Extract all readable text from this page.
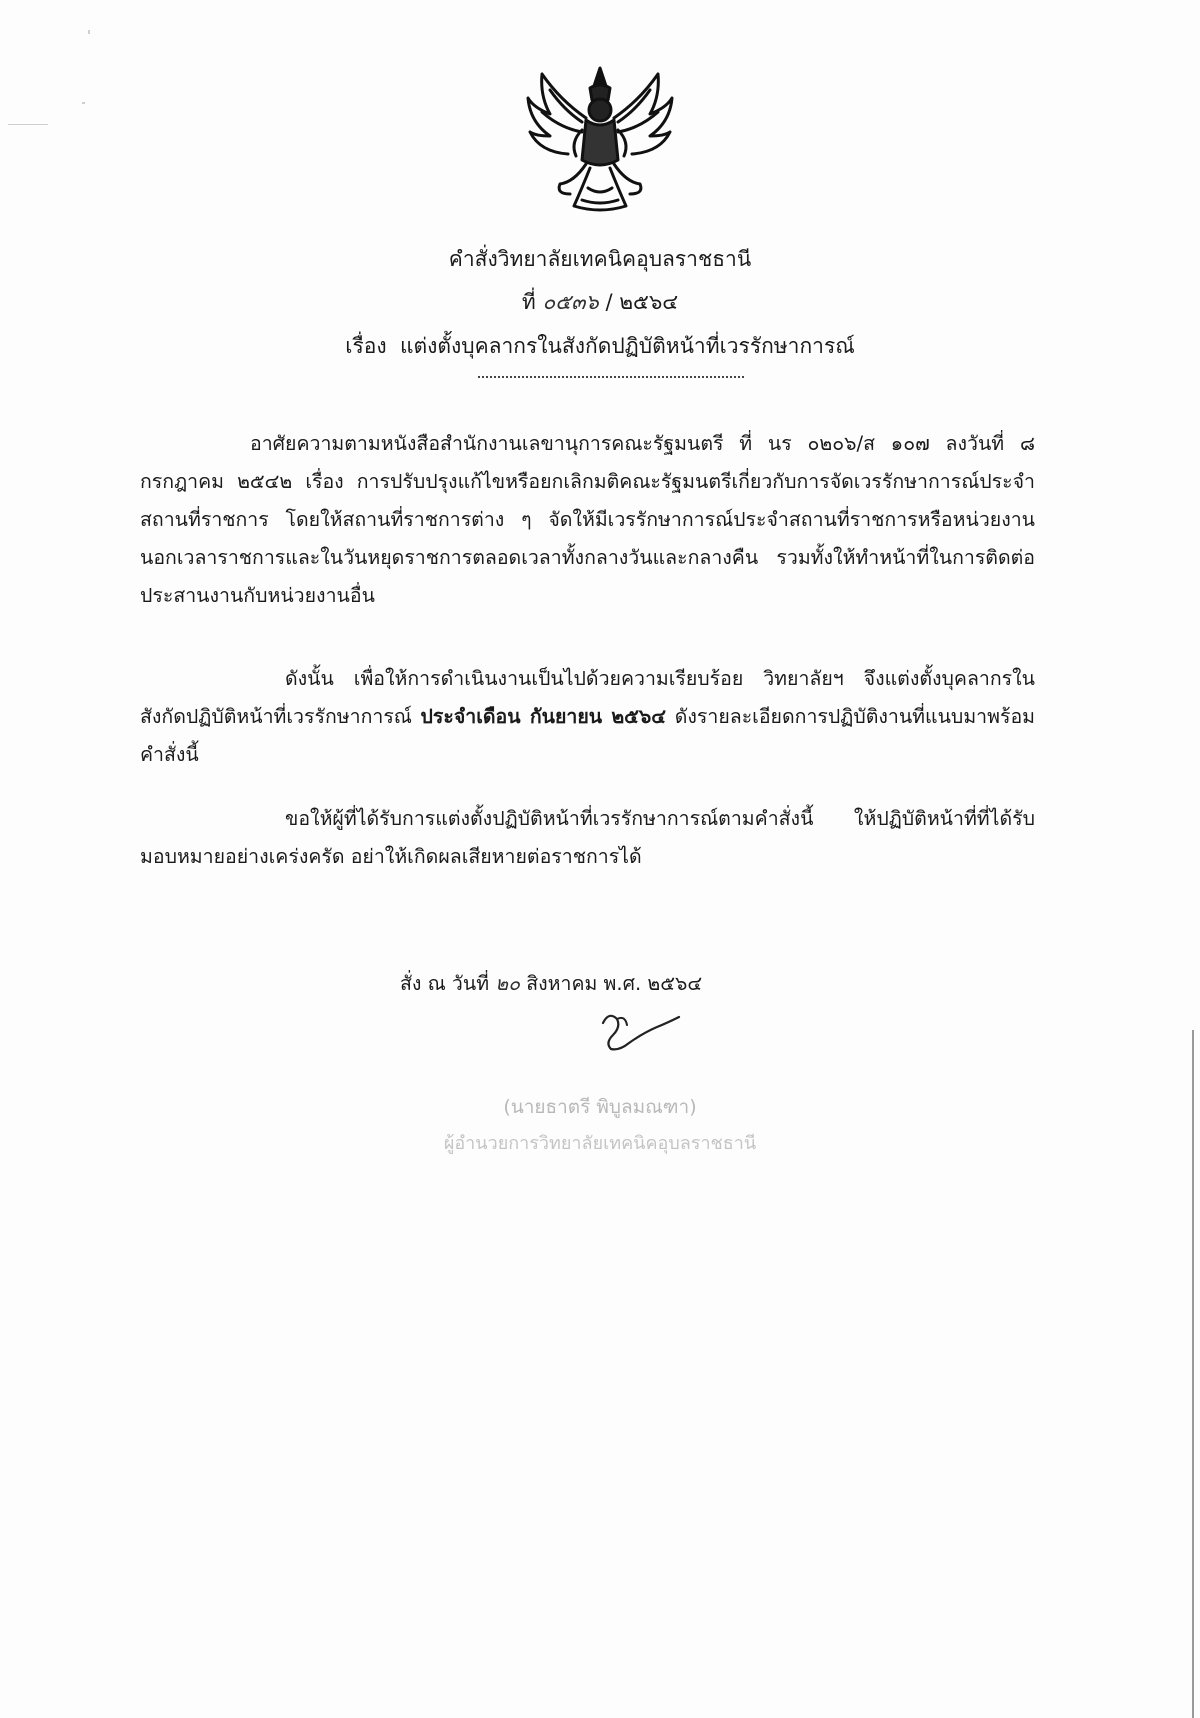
คำสั่งวิทยาลัยเทคนิคอุบลราชธานี
ที่ ๐๕๓๖ / ๒๕๖๔
เรื่อง แต่งตั้งบุคลากรในสังกัดปฏิบัติหน้าที่เวรรักษาการณ์
อาศัยความตามหนังสือสำนักงานเลขานุการคณะรัฐมนตรี ที่ นร ๐๒๐๖/ส ๑๐๗ ลงวันที่ ๘ กรกฎาคม ๒๕๔๒ เรื่อง การปรับปรุงแก้ไขหรือยกเลิกมติคณะรัฐมนตรีเกี่ยวกับการจัดเวรรักษาการณ์ประจำสถานที่ราชการ โดยให้สถานที่ราชการต่าง ๆ จัดให้มีเวรรักษาการณ์ประจำสถานที่ราชการหรือหน่วยงานนอกเวลาราชการและในวันหยุดราชการตลอดเวลาทั้งกลางวันและกลางคืน รวมทั้งให้ทำหน้าที่ในการติดต่อประสานงานกับหน่วยงานอื่น
ดังนั้น เพื่อให้การดำเนินงานเป็นไปด้วยความเรียบร้อย วิทยาลัยฯ จึงแต่งตั้งบุคลากรในสังกัดปฏิบัติหน้าที่เวรรักษาการณ์ ประจำเดือน กันยายน ๒๕๖๔ ดังรายละเอียดการปฏิบัติงานที่แนบมาพร้อมคำสั่งนี้
ขอให้ผู้ที่ได้รับการแต่งตั้งปฏิบัติหน้าที่เวรรักษาการณ์ตามคำสั่งนี้ ให้ปฏิบัติหน้าที่ที่ได้รับมอบหมายอย่างเคร่งครัด อย่าให้เกิดผลเสียหายต่อราชการได้
สั่ง ณ วันที่ ๒๐ สิงหาคม พ.ศ. ๒๕๖๔
(นายธาตรี พิบูลมณฑา)
ผู้อำนวยการวิทยาลัยเทคนิคอุบลราชธานี
